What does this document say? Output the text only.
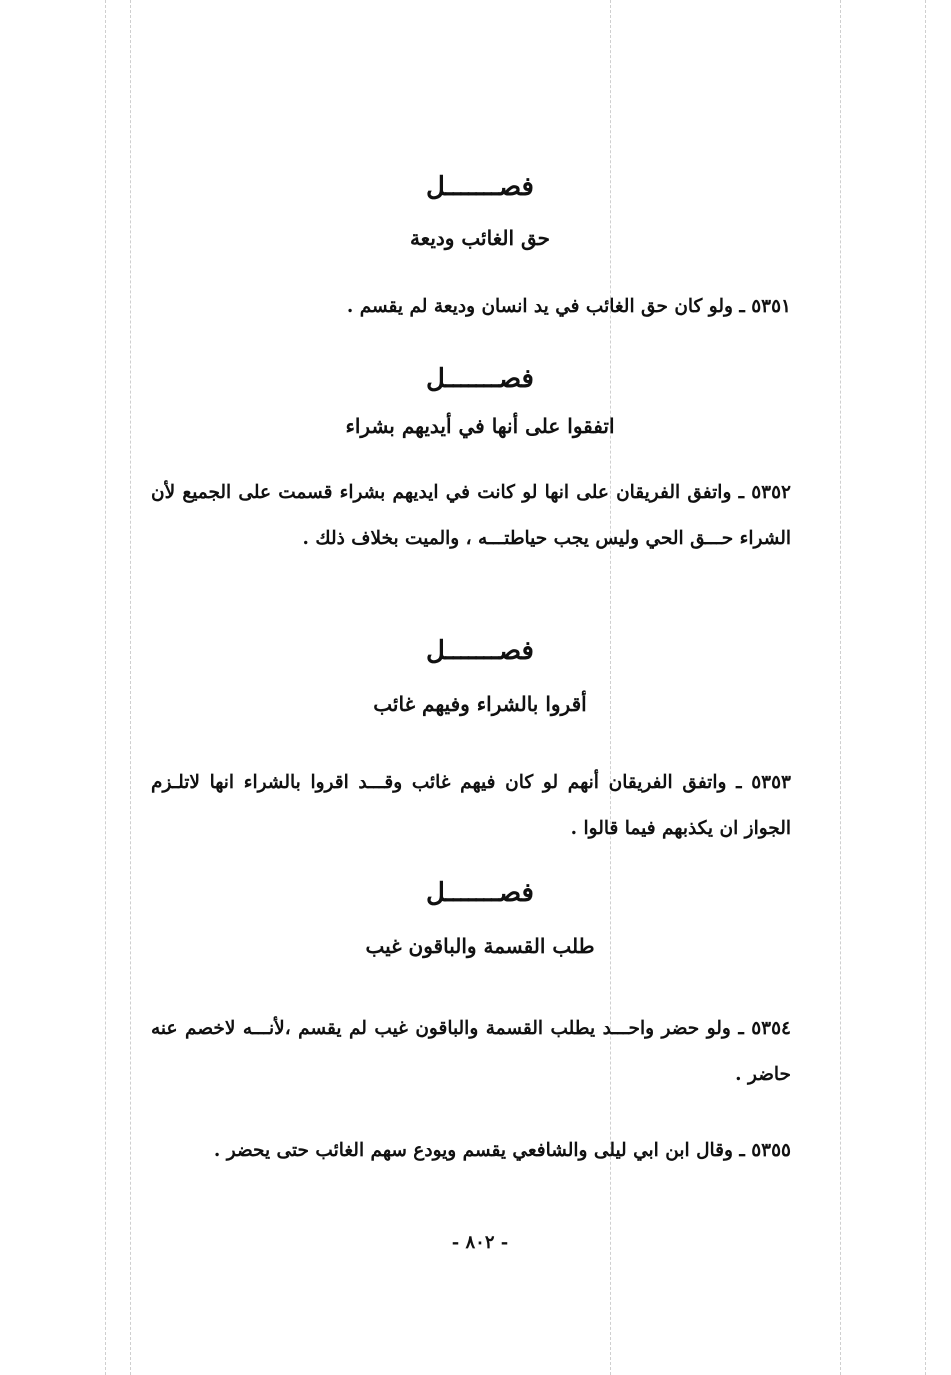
فصـــــــل
حق الغائب وديعة
٥٣٥١ ـ ولو كان حق الغائب في يد انسان وديعة لم يقسم .
فصـــــــل
اتفقوا على أنها في أيديهم بشراء
٥٣٥٢ ـ واتفق الفريقان على انها لو كانت في ايديهم بشراء قسمت على الجميع لأن الشراء حـــق الحي وليس يجب حياطتـــه ، والميت بخلاف ذلك .
فصـــــــل
أقروا بالشراء وفيهم غائب
٥٣٥٣ ـ واتفق الفريقان أنهم لو كان فيهم غائب وقـــد اقروا بالشراء انها لاتلـزم الجواز ان يكذبهم فيما قالوا .
فصـــــــل
طلب القسمة والباقون غيب
٥٣٥٤ ـ ولو حضر واحـــد يطلب القسمة والباقون غيب لم يقسم ،لأنـــه لاخصم عنه حاضر .
٥٣٥٥ ـ وقال ابن ابي ليلى والشافعي يقسم ويودع سهم الغائب حتى يحضر .
- ٨٠٢ -
